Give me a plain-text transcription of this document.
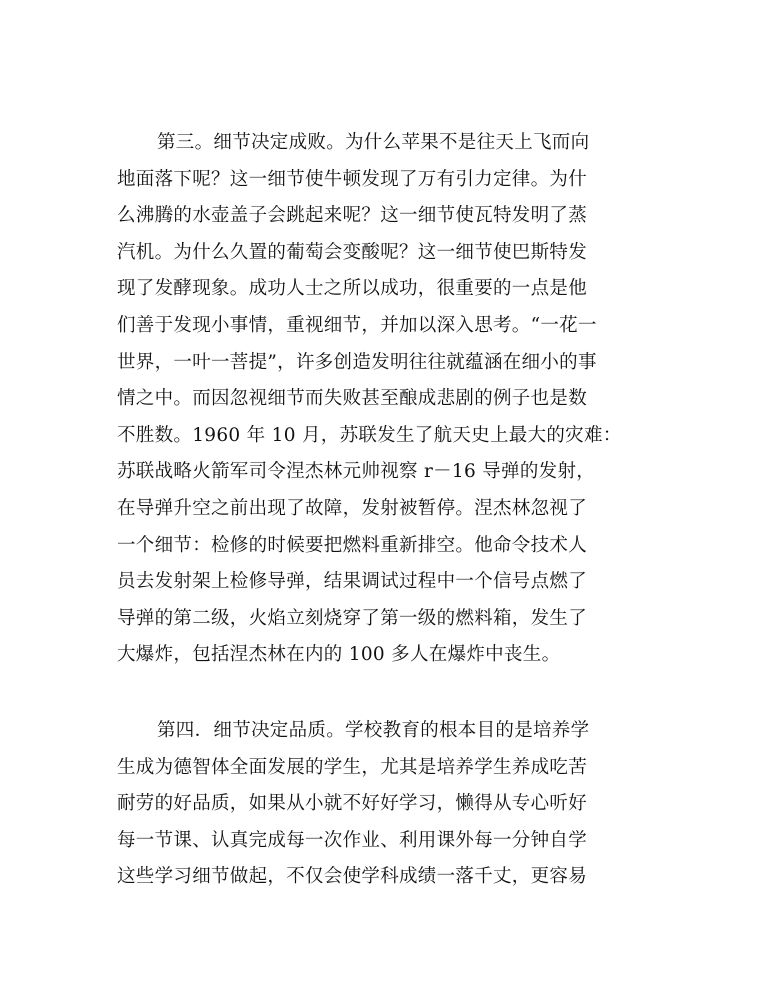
第三。细节决定成败。为什么苹果不是往天上飞而向
地面落下呢？这一细节使牛顿发现了万有引力定律。为什
么沸腾的水壶盖子会跳起来呢？这一细节使瓦特发明了蒸
汽机。为什么久置的葡萄会变酸呢？这一细节使巴斯特发
现了发酵现象。成功人士之所以成功，很重要的一点是他
们善于发现小事情，重视细节，并加以深入思考。“一花一
世界，一叶一菩提”，许多创造发明往往就蕴涵在细小的事
情之中。而因忽视细节而失败甚至酿成悲剧的例子也是数
不胜数。1960 年 10 月，苏联发生了航天史上最大的灾难：
苏联战略火箭军司令涅杰林元帅视察 r－16 导弹的发射，
在导弹升空之前出现了故障，发射被暂停。涅杰林忽视了
一个细节：检修的时候要把燃料重新排空。他命令技术人
员去发射架上检修导弹，结果调试过程中一个信号点燃了
导弹的第二级，火焰立刻烧穿了第一级的燃料箱，发生了
大爆炸，包括涅杰林在内的 100 多人在爆炸中丧生。
第四．细节决定品质。学校教育的根本目的是培养学
生成为德智体全面发展的学生，尤其是培养学生养成吃苦
耐劳的好品质，如果从小就不好好学习，懒得从专心听好
每一节课、认真完成每一次作业、利用课外每一分钟自学
这些学习细节做起，不仅会使学科成绩一落千丈，更容易
